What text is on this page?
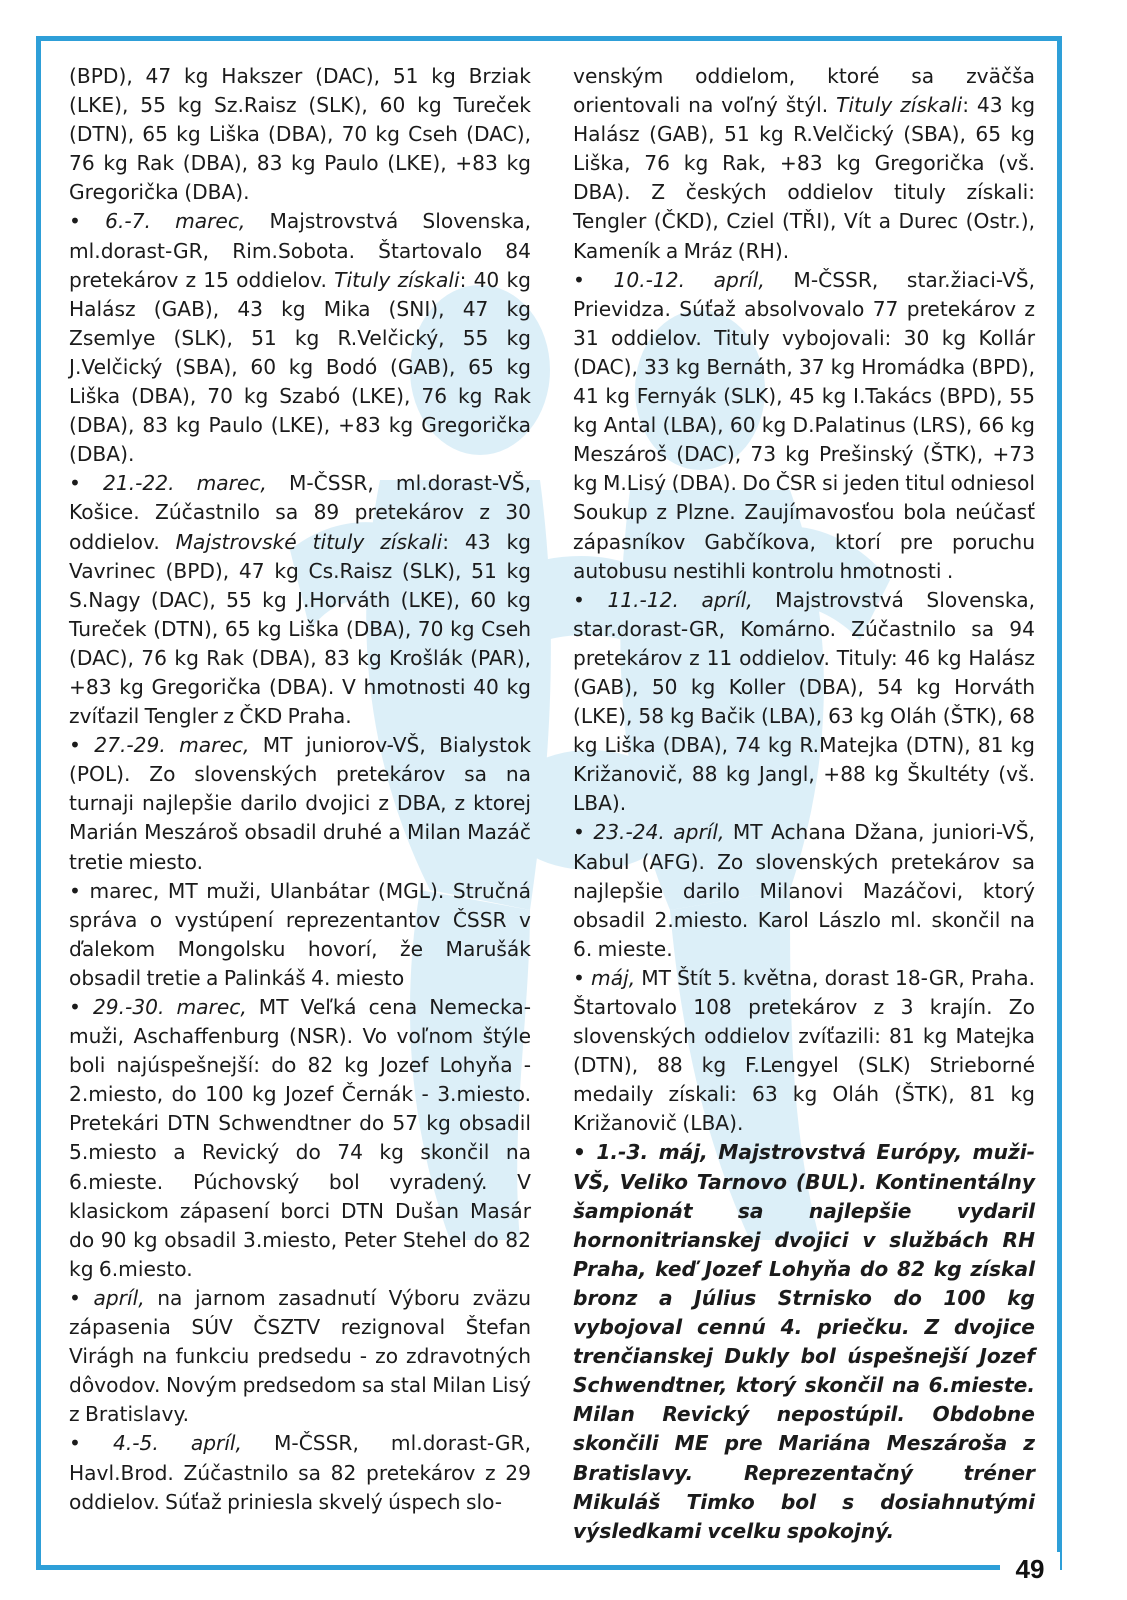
(BPD), 47 kg Hakszer (DAC), 51 kg Brziak (LKE), 55 kg Sz.Raisz (SLK), 60 kg Tureček (DTN), 65 kg Liška (DBA), 70 kg Cseh (DAC), 76 kg Rak (DBA), 83 kg Paulo (LKE), +83 kg Gregorička (DBA).

• 6.-7. marec, Majstrovstvá Slovenska, ml.dorast-GR, Rim.Sobota. Štartovalo 84 pretekárov z 15 oddielov. Tituly získali: 40 kg Halász (GAB), 43 kg Mika (SNI), 47 kg Zsemlye (SLK), 51 kg R.Velčický, 55 kg J.Velčický (SBA), 60 kg Bodó (GAB), 65 kg Liška (DBA), 70 kg Szabó (LKE), 76 kg Rak (DBA), 83 kg Paulo (LKE), +83 kg Gregorička (DBA).

• 21.-22. marec, M-ČSSR, ml.dorast-VŠ, Košice. Zúčastnilo sa 89 pretekárov z 30 oddielov. Majstrovské tituly získali: 43 kg Vavrinec (BPD), 47 kg Cs.Raisz (SLK), 51 kg S.Nagy (DAC), 55 kg J.Horváth (LKE), 60 kg Tureček (DTN), 65 kg Liška (DBA), 70 kg Cseh (DAC), 76 kg Rak (DBA), 83 kg Krošlák (PAR), +83 kg Gregorička (DBA). V hmotnosti 40 kg zvíťazil Tengler z ČKD Praha.

• 27.-29. marec, MT juniorov-VŠ, Bialystok (POL). Zo slovenských pretekárov sa na turnaji najlepšie darilo dvojici z DBA, z ktorej Marián Meszároš obsadil druhé a Milan Mazáč tretie miesto.

• marec, MT muži, Ulanbátar (MGL). Stručná správa o vystúpení reprezentantov ČSSR v ďalekom Mongolsku hovorí, že Marušák obsadil tretie a Palinkáš 4. miesto

• 29.-30. marec, MT Veľká cena Nemecka-muži, Aschaffenburg (NSR). Vo voľnom štýle boli najúspešnejší: do 82 kg Jozef Lohyňa - 2.miesto, do 100 kg Jozef Černák - 3.miesto. Pretekári DTN Schwendtner do 57 kg obsadil 5.miesto a Revický do 74 kg skončil na 6.mieste. Púchovský bol vyradený. V klasickom zápasení borci DTN Dušan Masár do 90 kg obsadil 3.miesto, Peter Stehel do 82 kg 6.miesto.

• apríl, na jarnom zasadnutí Výboru zväzu zápasenia SÚV ČSZTV rezignoval Štefan Virágh na funkciu predsedu - zo zdravotných dôvodov. Novým predsedom sa stal Milan Lisý z Bratislavy.

• 4.-5. apríl, M-ČSSR, ml.dorast-GR, Havl.Brod. Zúčastnilo sa 82 pretekárov z 29 oddielov. Súťaž priniesla skvelý úspech slo-

venským oddielom, ktoré sa zväčša orientovali na voľný štýl. Tituly získali: 43 kg Halász (GAB), 51 kg R.Velčický (SBA), 65 kg Liška, 76 kg Rak, +83 kg Gregorička (vš. DBA). Z českých oddielov tituly získali: Tengler (ČKD), Cziel (TŘI), Vít a Durec (Ostr.), Kameník a Mráz (RH).

• 10.-12. apríl, M-ČSSR, star.žiaci-VŠ, Prievidza. Súťaž absolvovalo 77 pretekárov z 31 oddielov. Tituly vybojovali: 30 kg Kollár (DAC), 33 kg Bernáth, 37 kg Hromádka (BPD), 41 kg Fernyák (SLK), 45 kg I.Takács (BPD), 55 kg Antal (LBA), 60 kg D.Palatinus (LRS), 66 kg Meszároš (DAC), 73 kg Prešinský (ŠTK), +73 kg M.Lisý (DBA). Do ČSR si jeden titul odniesol Soukup z Plzne. Zaujímavosťou bola neúčasť zápasníkov Gabčíkova, ktorí pre poruchu autobusu nestihli kontrolu hmotnosti .

• 11.-12. apríl, Majstrovstvá Slovenska, star.dorast-GR, Komárno. Zúčastnilo sa 94 pretekárov z 11 oddielov. Tituly: 46 kg Halász (GAB), 50 kg Koller (DBA), 54 kg Horváth (LKE), 58 kg Bačik (LBA), 63 kg Oláh (ŠTK), 68 kg Liška (DBA), 74 kg R.Matejka (DTN), 81 kg Križanovič, 88 kg Jangl, +88 kg Škultéty (vš. LBA).

• 23.-24. apríl, MT Achana Džana, juniori-VŠ, Kabul (AFG). Zo slovenských pretekárov sa najlepšie darilo Milanovi Mazáčovi, ktorý obsadil 2.miesto. Karol Lászlo ml. skončil na 6. mieste.

• máj, MT Štít 5. května, dorast 18-GR, Praha. Štartovalo 108 pretekárov z 3 krajín. Zo slovenských oddielov zvíťazili: 81 kg Matejka (DTN), 88 kg F.Lengyel (SLK) Strieborné medaily získali: 63 kg Oláh (ŠTK), 81 kg Križanovič (LBA).

• 1.-3. máj, Majstrovstvá Európy, muži-VŠ, Veliko Tarnovo (BUL). Kontinentálny šampionát sa najlepšie vydaril hornonitrianskej dvojici v službách RH Praha, keď Jozef Lohyňa do 82 kg získal bronz a Július Strnisko do 100 kg vybojoval cennú 4. priečku. Z dvojice trenčianskej Dukly bol úspešnejší Jozef Schwendtner, ktorý skončil na 6.mieste. Milan Revický nepostúpil. Obdobne skončili ME pre Mariána Meszároša z Bratislavy. Reprezentačný tréner Mikuláš Timko bol s dosiahnutými výsledkami vcelku spokojný.

49
